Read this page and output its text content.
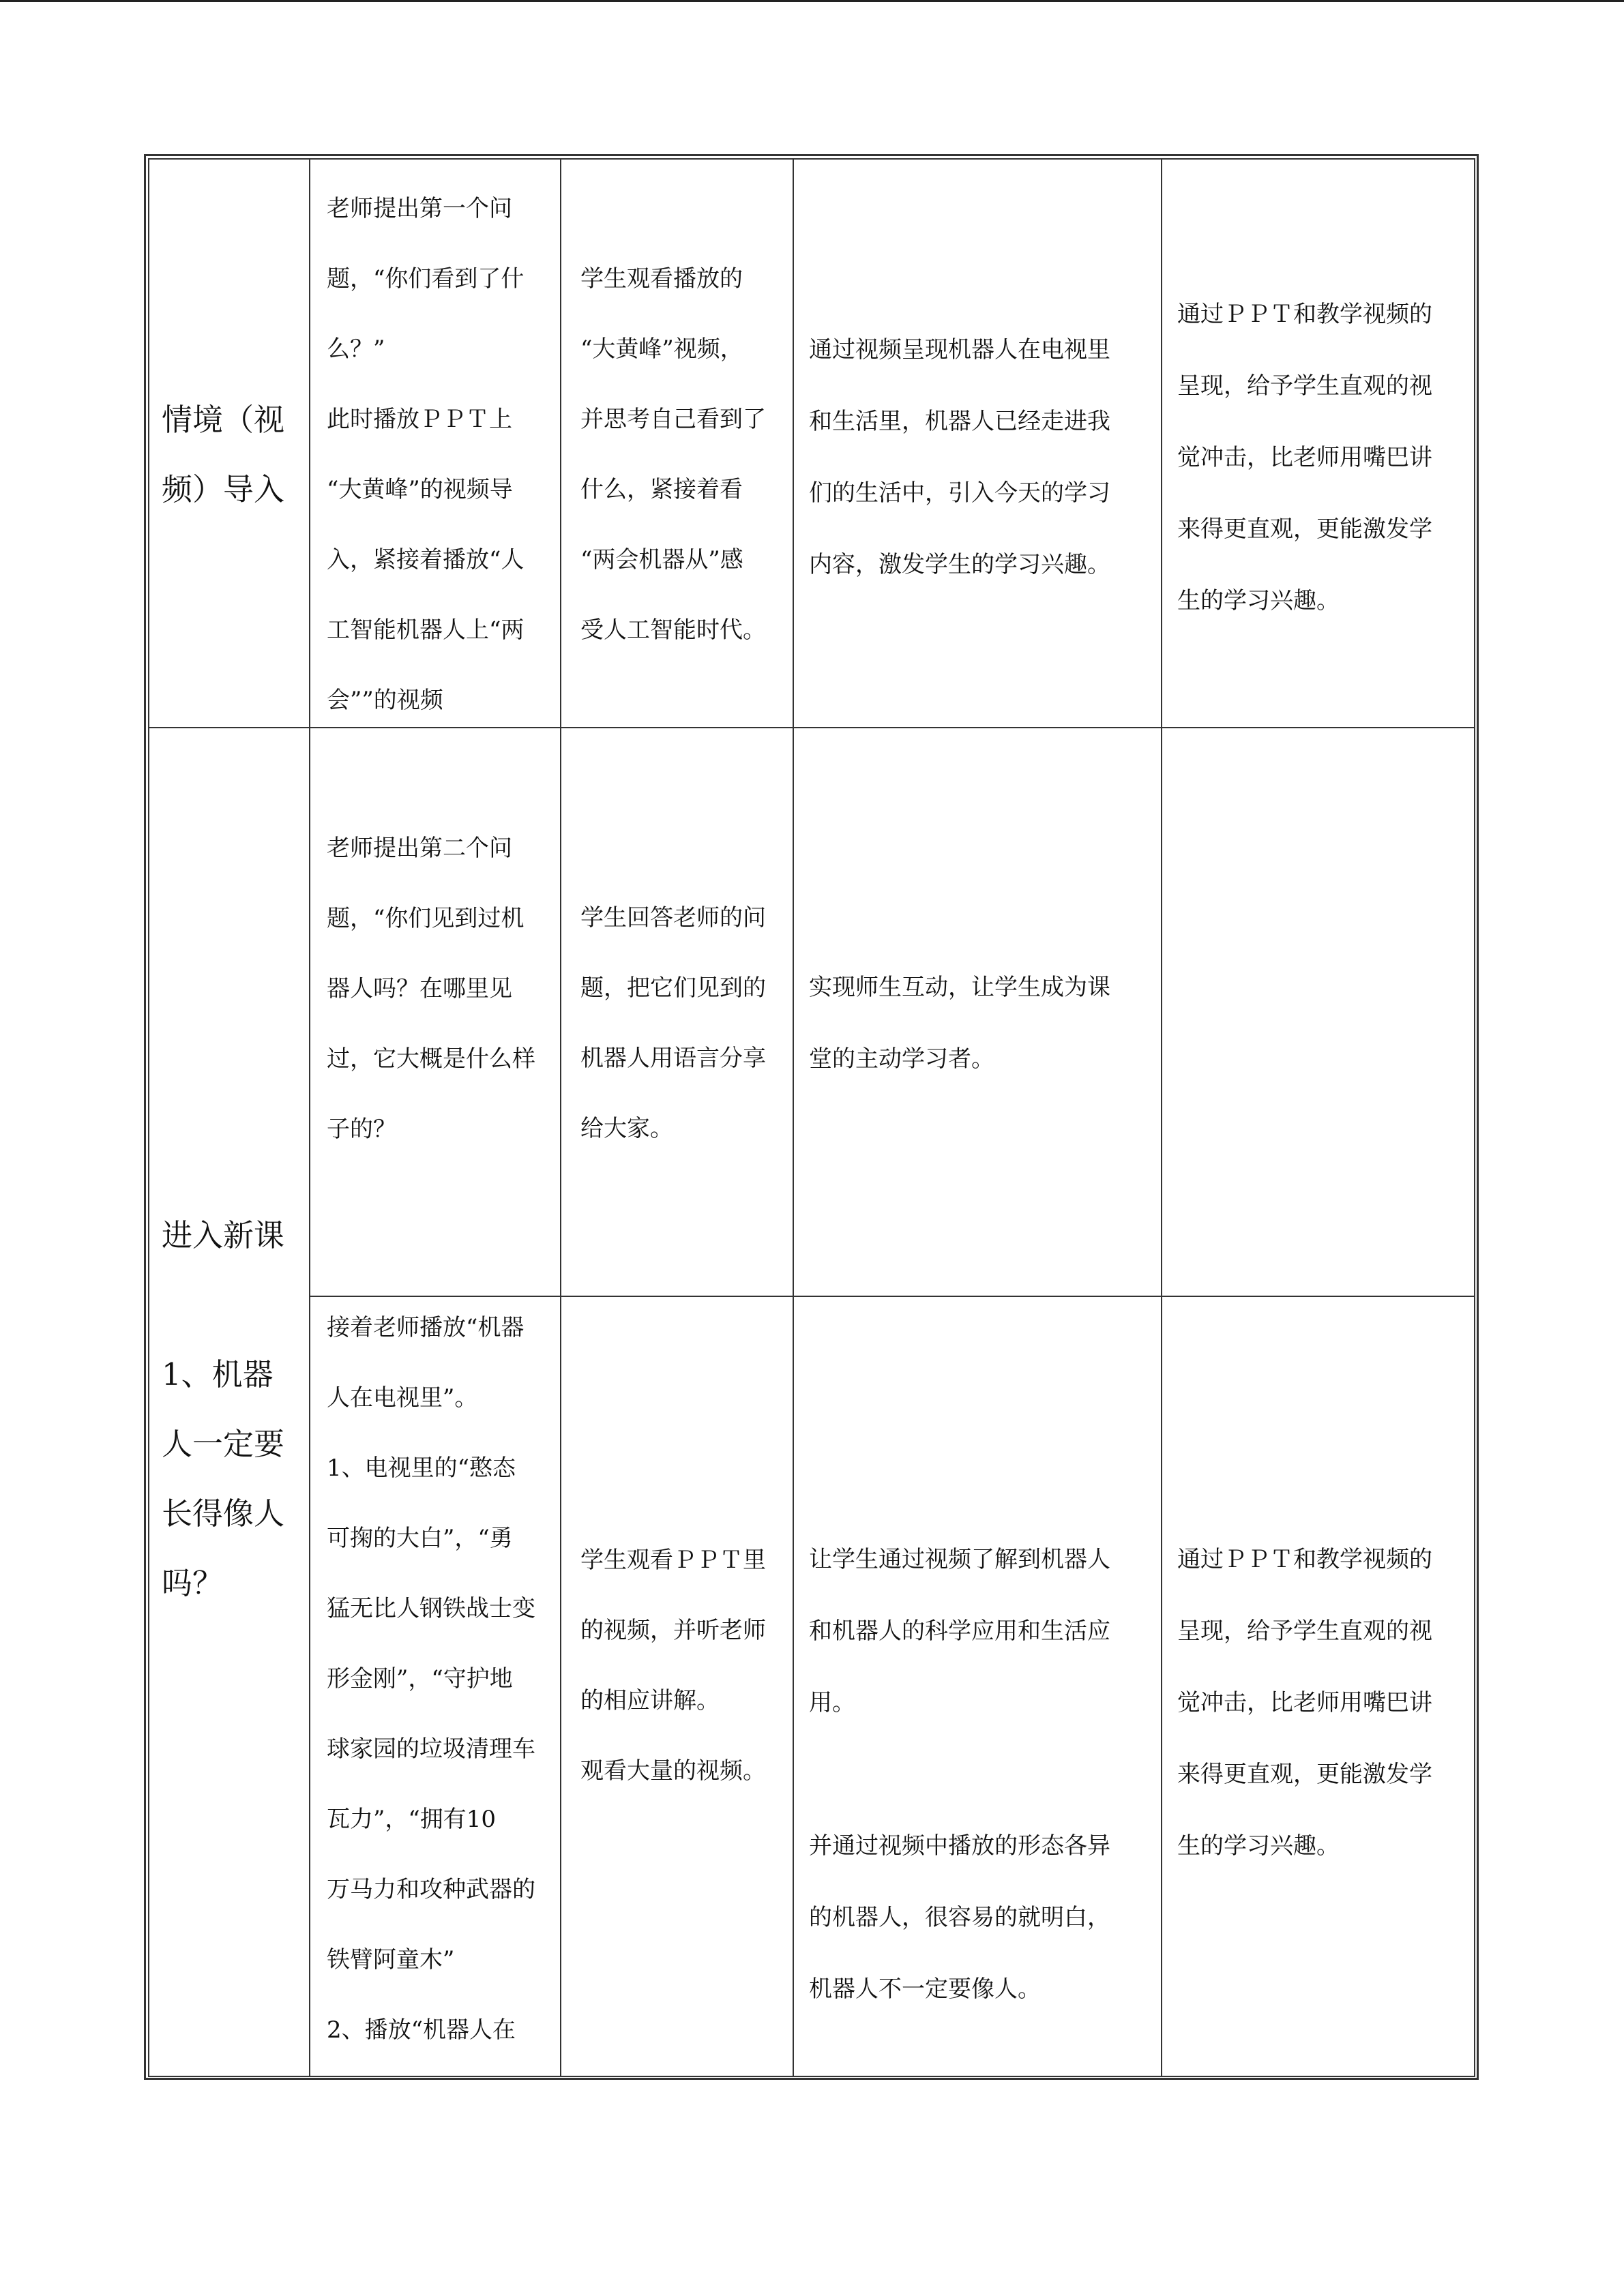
情境（视
频）导入

老师提出第一个问
题，“你们看到了什
么？”
此时播放ＰＰＴ上
“大黄峰”的视频导
入，紧接着播放“人
工智能机器人上“两
会””的视频

学生观看播放的
“大黄峰”视频，
并思考自己看到了
什么，紧接着看
“两会机器从”感
受人工智能时代。

通过视频呈现机器人在电视里
和生活里，机器人已经走进我
们的生活中，引入今天的学习
内容，激发学生的学习兴趣。

通过ＰＰＴ和教学视频的
呈现，给予学生直观的视
觉冲击，比老师用嘴巴讲
来得更直观，更能激发学
生的学习兴趣。

进入新课

1、机器
人一定要
长得像人
吗？

老师提出第二个问
题，“你们见到过机
器人吗？在哪里见
过，它大概是什么样
子的？

学生回答老师的问
题，把它们见到的
机器人用语言分享
给大家。

实现师生互动，让学生成为课
堂的主动学习者。

接着老师播放“机器
人在电视里”。
1、电视里的“憨态
可掬的大白”，“勇
猛无比人钢铁战士变
形金刚”，“守护地
球家园的垃圾清理车
瓦力”，“拥有10
万马力和攻种武器的
铁臂阿童木”
2、播放“机器人在

学生观看ＰＰＴ里
的视频，并听老师
的相应讲解。
观看大量的视频。

让学生通过视频了解到机器人
和机器人的科学应用和生活应
用。

并通过视频中播放的形态各异
的机器人，很容易的就明白，
机器人不一定要像人。

通过ＰＰＴ和教学视频的
呈现，给予学生直观的视
觉冲击，比老师用嘴巴讲
来得更直观，更能激发学
生的学习兴趣。
